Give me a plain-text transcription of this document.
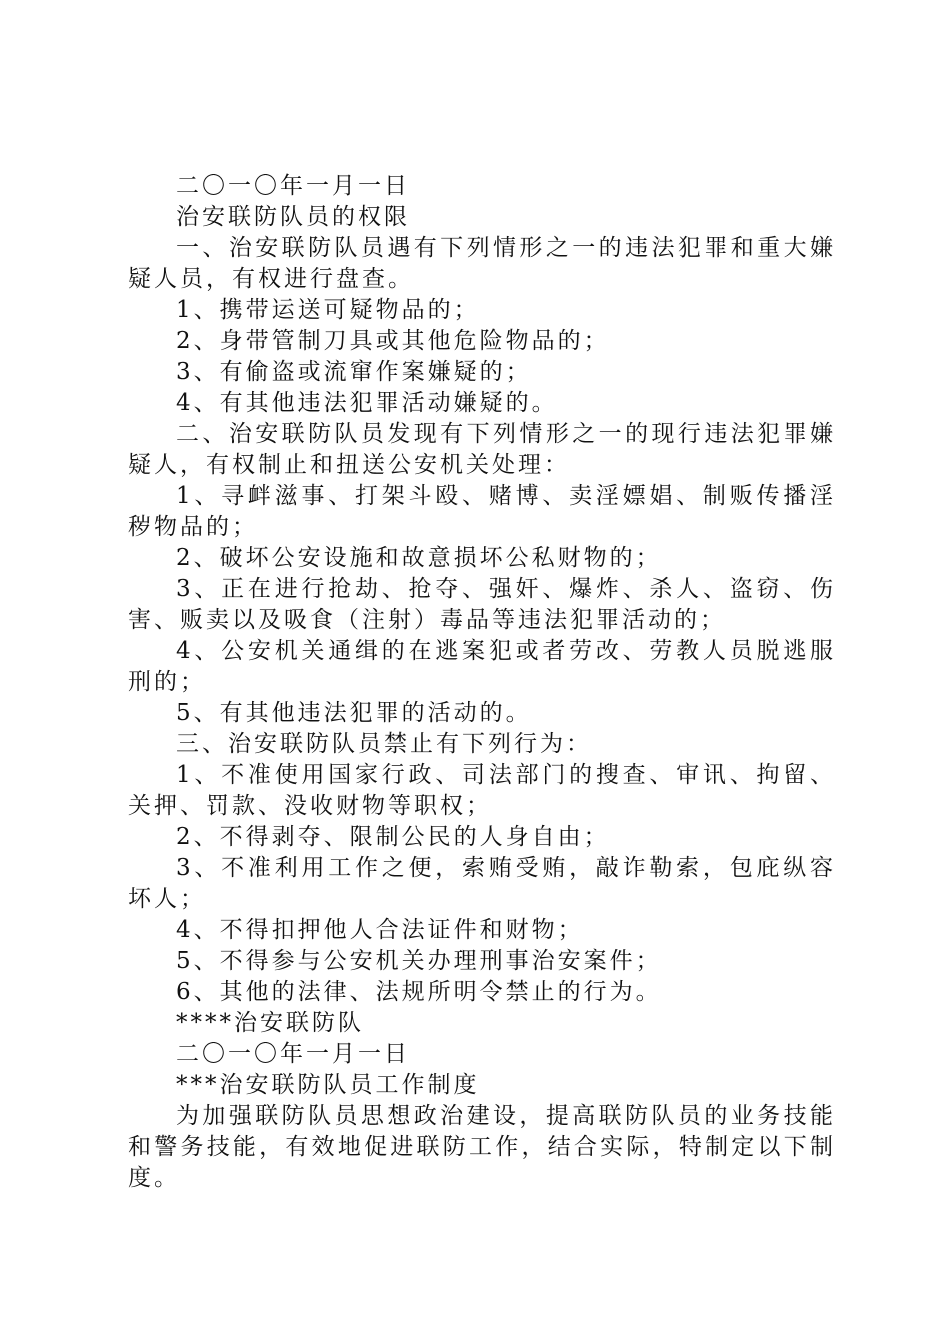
二〇一〇年一月一日

治安联防队员的权限

一、治安联防队员遇有下列情形之一的违法犯罪和重大嫌疑人员，有权进行盘查。

1、携带运送可疑物品的；

2、身带管制刀具或其他危险物品的；

3、有偷盗或流窜作案嫌疑的；

4、有其他违法犯罪活动嫌疑的。

二、治安联防队员发现有下列情形之一的现行违法犯罪嫌疑人，有权制止和扭送公安机关处理：

1、寻衅滋事、打架斗殴、赌博、卖淫嫖娼、制贩传播淫秽物品的；

2、破坏公安设施和故意损坏公私财物的；

3、正在进行抢劫、抢夺、强奸、爆炸、杀人、盗窃、伤害、贩卖以及吸食（注射）毒品等违法犯罪活动的；

4、公安机关通缉的在逃案犯或者劳改、劳教人员脱逃服刑的；

5、有其他违法犯罪的活动的。

三、治安联防队员禁止有下列行为：

1、不准使用国家行政、司法部门的搜查、审讯、拘留、关押、罚款、没收财物等职权；

2、不得剥夺、限制公民的人身自由；

3、不准利用工作之便，索贿受贿，敲诈勒索，包庇纵容坏人；

4、不得扣押他人合法证件和财物；

5、不得参与公安机关办理刑事治安案件；

6、其他的法律、法规所明令禁止的行为。

****治安联防队

二〇一〇年一月一日

***治安联防队员工作制度

为加强联防队员思想政治建设，提高联防队员的业务技能和警务技能，有效地促进联防工作，结合实际，特制定以下制度。
